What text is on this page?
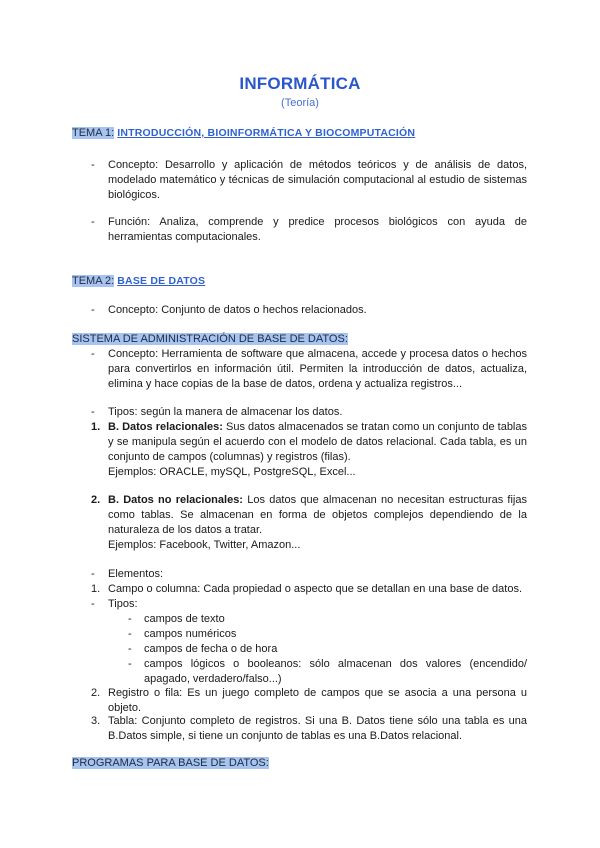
INFORMÁTICA
(Teoría)
TEMA 1: INTRODUCCIÓN, BIOINFORMÁTICA Y BIOCOMPUTACIÓN
- Concepto: Desarrollo y aplicación de métodos teóricos y de análisis de datos, modelado matemático y técnicas de simulación computacional al estudio de sistemas biológicos.
- Función: Analiza, comprende y predice procesos biológicos con ayuda de herramientas computacionales.
TEMA 2: BASE DE DATOS
- Concepto: Conjunto de datos o hechos relacionados.
SISTEMA DE ADMINISTRACIÓN DE BASE DE DATOS:
- Concepto: Herramienta de software que almacena, accede y procesa datos o hechos para convertirlos en información útil. Permiten la introducción de datos, actualiza, elimina y hace copias de la base de datos, ordena y actualiza registros...
- Tipos: según la manera de almacenar los datos.
1. B. Datos relacionales: Sus datos almacenados se tratan como un conjunto de tablas y se manipula según el acuerdo con el modelo de datos relacional. Cada tabla, es un conjunto de campos (columnas) y registros (filas).
Ejemplos: ORACLE, mySQL, PostgreSQL, Excel...
2. B. Datos no relacionales: Los datos que almacenan no necesitan estructuras fijas como tablas. Se almacenan en forma de objetos complejos dependiendo de la naturaleza de los datos a tratar.
Ejemplos: Facebook, Twitter, Amazon...
- Elementos:
1. Campo o columna: Cada propiedad o aspecto que se detallan en una base de datos.
- Tipos:
- campos de texto
- campos numéricos
- campos de fecha o de hora
- campos lógicos o booleanos: sólo almacenan dos valores (encendido/ apagado, verdadero/falso...)
2. Registro o fila: Es un juego completo de campos que se asocia a una persona u objeto.
3. Tabla: Conjunto completo de registros. Si una B. Datos tiene sólo una tabla es una B.Datos simple, si tiene un conjunto de tablas es una B.Datos relacional.
PROGRAMAS PARA BASE DE DATOS:
